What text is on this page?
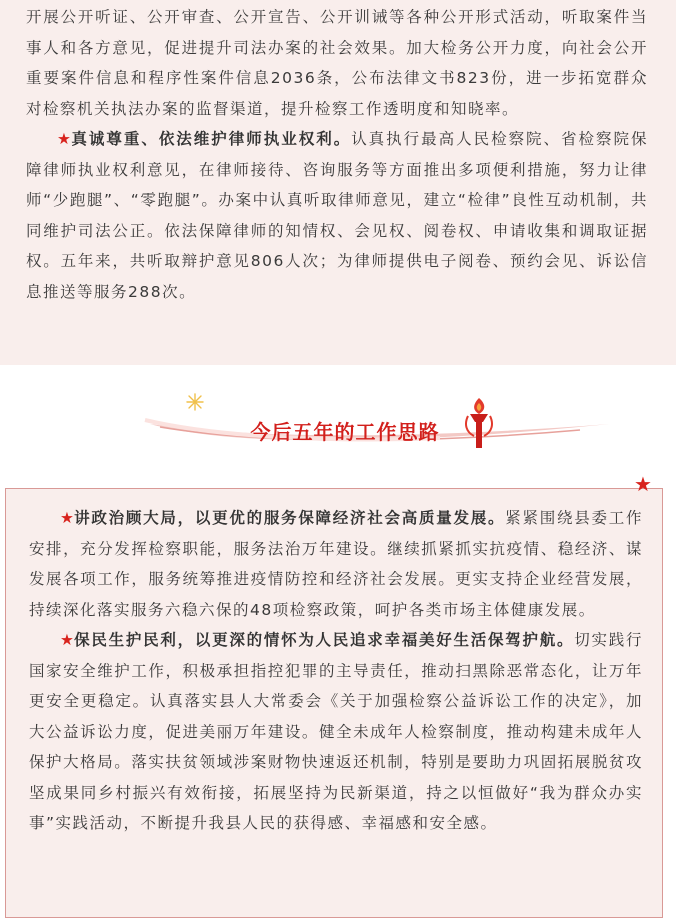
开展公开听证、公开审查、公开宣告、公开训诫等各种公开形式活动，听取案件当事人和各方意见，促进提升司法办案的社会效果。加大检务公开力度，向社会公开重要案件信息和程序性案件信息2036条，公布法律文书823份，进一步拓宽群众对检察机关执法办案的监督渠道，提升检察工作透明度和知晓率。

★真诚尊重、依法维护律师执业权利。认真执行最高人民检察院、省检察院保障律师执业权利意见，在律师接待、咨询服务等方面推出多项便利措施，努力让律师“少跑腿”、“零跑腿”。办案中认真听取律师意见，建立“检律”良性互动机制，共同维护司法公正。依法保障律师的知情权、会见权、阅卷权、申请收集和调取证据权。五年来，共听取辩护意见806人次；为律师提供电子阅卷、预约会见、诉讼信息推送等服务288次。

今后五年的工作思路

★讲政治顾大局，以更优的服务保障经济社会高质量发展。紧紧围绕县委工作安排，充分发挥检察职能，服务法治万年建设。继续抓紧抓实抗疫情、稳经济、谋发展各项工作，服务统筹推进疫情防控和经济社会发展。更实支持企业经营发展，持续深化落实服务六稳六保的48项检察政策，呵护各类市场主体健康发展。

★保民生护民利，以更深的情怀为人民追求幸福美好生活保驾护航。切实践行国家安全维护工作，积极承担指控犯罪的主导责任，推动扫黑除恶常态化，让万年更安全更稳定。认真落实县人大常委会《关于加强检察公益诉讼工作的决定》，加大公益诉讼力度，促进美丽万年建设。健全未成年人检察制度，推动构建未成年人保护大格局。落实扶贫领域涉案财物快速返还机制，特别是要助力巩固拓展脱贫攻坚成果同乡村振兴有效衔接，拓展坚持为民新渠道，持之以恒做好“我为群众办实事”实践活动，不断提升我县人民的获得感、幸福感和安全感。

★
